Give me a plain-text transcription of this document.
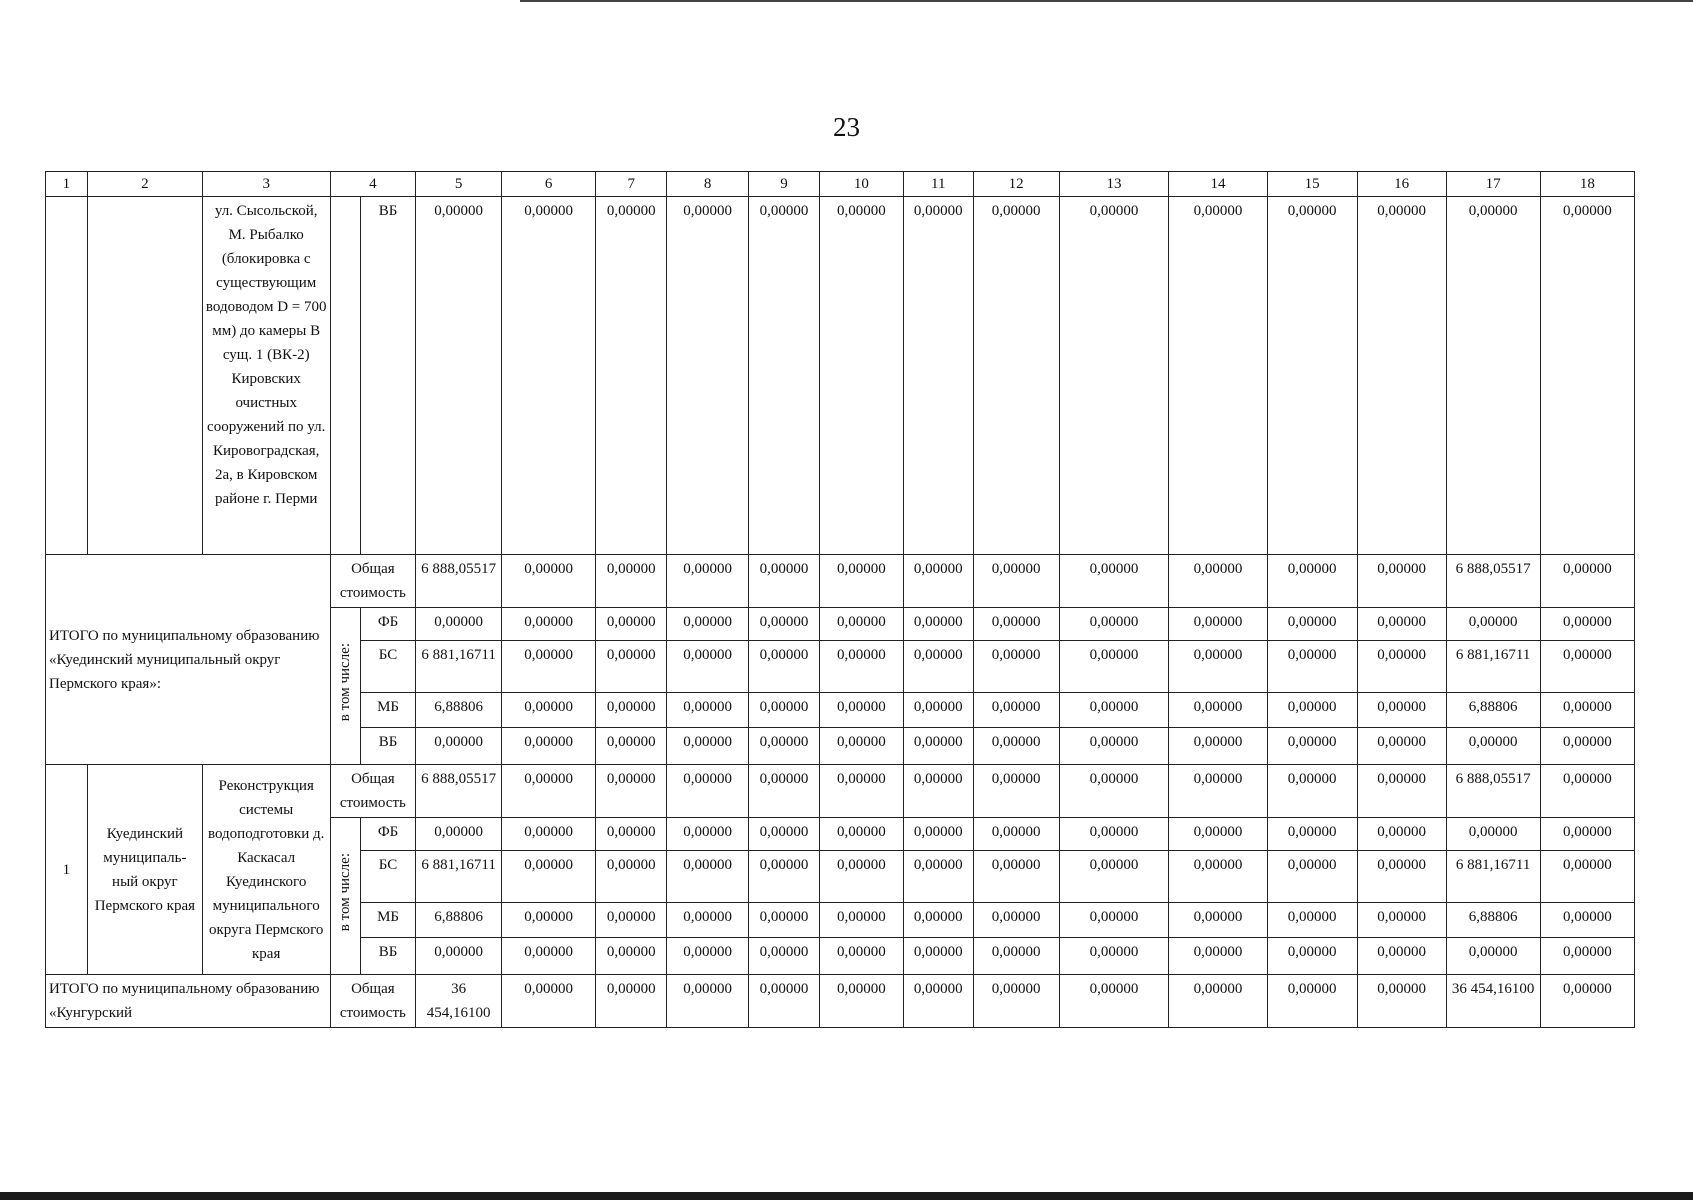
23
1	2	3	4		5	6	7	8	9	10	11	12	13	14	15	16	17	18
		ул. Сысольской, М. Рыбалко (блокировка с существующим водоводом D = 700 мм) до камеры В сущ. 1 (ВК-2) Кировских очистных сооружений по ул. Кировоградская, 2а, в Кировском районе г. Перми		ВБ	0,00000	0,00000	0,00000	0,00000	0,00000	0,00000	0,00000	0,00000	0,00000	0,00000	0,00000	0,00000	0,00000	0,00000
ИТОГО по муниципальному образованию «Куединский муниципальный округ Пермского края»:			Общая стоимость		6 888,05517	0,00000	0,00000	0,00000	0,00000	0,00000	0,00000	0,00000	0,00000	0,00000	0,00000	0,00000	6 888,05517	0,00000
			в том числе:	ФБ	0,00000	0,00000	0,00000	0,00000	0,00000	0,00000	0,00000	0,00000	0,00000	0,00000	0,00000	0,00000	0,00000	0,00000
				БС	6 881,16711	0,00000	0,00000	0,00000	0,00000	0,00000	0,00000	0,00000	0,00000	0,00000	0,00000	0,00000	6 881,16711	0,00000
				МБ	6,88806	0,00000	0,00000	0,00000	0,00000	0,00000	0,00000	0,00000	0,00000	0,00000	0,00000	0,00000	6,88806	0,00000
				ВБ	0,00000	0,00000	0,00000	0,00000	0,00000	0,00000	0,00000	0,00000	0,00000	0,00000	0,00000	0,00000	0,00000	0,00000
1	Куединский муниципаль-ный округ Пермского края	Реконструкция системы водоподготовки д. Каскасал Куединского муниципального округа Пермского края	Общая стоимость		6 888,05517	0,00000	0,00000	0,00000	0,00000	0,00000	0,00000	0,00000	0,00000	0,00000	0,00000	0,00000	6 888,05517	0,00000
			в том числе:	ФБ	0,00000	0,00000	0,00000	0,00000	0,00000	0,00000	0,00000	0,00000	0,00000	0,00000	0,00000	0,00000	0,00000	0,00000
				БС	6 881,16711	0,00000	0,00000	0,00000	0,00000	0,00000	0,00000	0,00000	0,00000	0,00000	0,00000	0,00000	6 881,16711	0,00000
				МБ	6,88806	0,00000	0,00000	0,00000	0,00000	0,00000	0,00000	0,00000	0,00000	0,00000	0,00000	0,00000	6,88806	0,00000
				ВБ	0,00000	0,00000	0,00000	0,00000	0,00000	0,00000	0,00000	0,00000	0,00000	0,00000	0,00000	0,00000	0,00000	0,00000
ИТОГО по муниципальному образованию «Кунгурский			Общая стоимость		36 454,16100	0,00000	0,00000	0,00000	0,00000	0,00000	0,00000	0,00000	0,00000	0,00000	0,00000	0,00000	36 454,16100	0,00000
